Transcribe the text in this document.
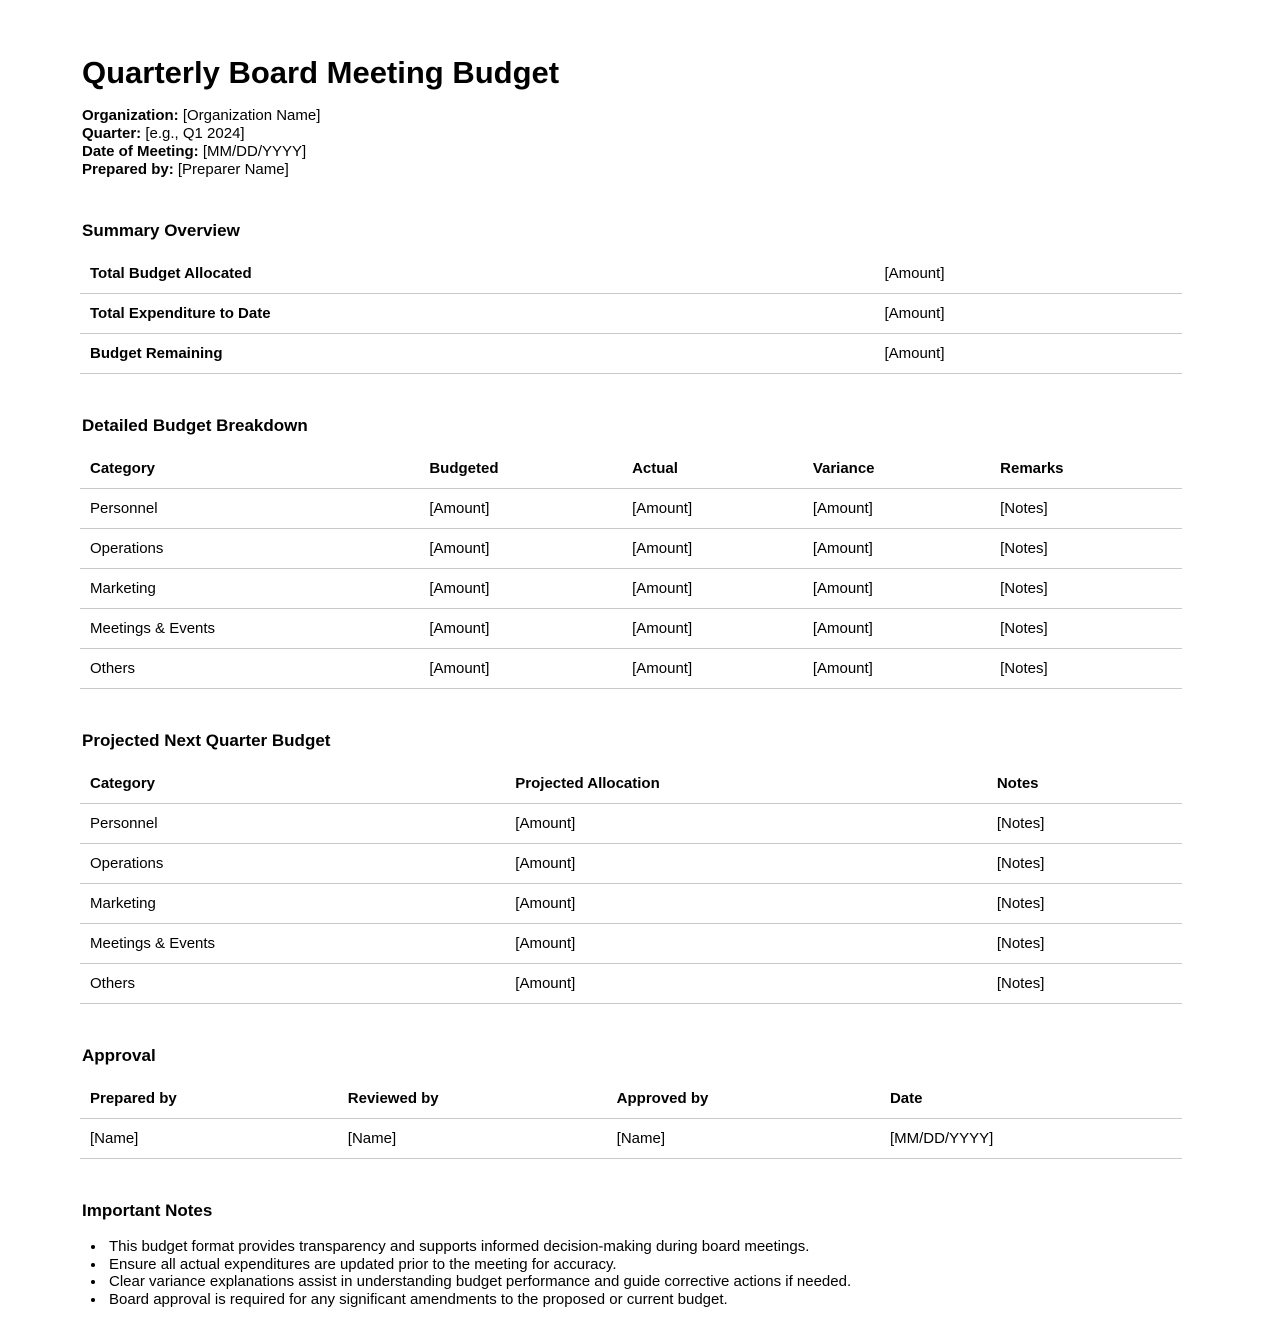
Quarterly Board Meeting Budget
Organization: [Organization Name]
Quarter: [e.g., Q1 2024]
Date of Meeting: [MM/DD/YYYY]
Prepared by: [Preparer Name]
Summary Overview
Total Budget Allocated	[Amount]
Total Expenditure to Date	[Amount]
Budget Remaining	[Amount]
Detailed Budget Breakdown
Category	Budgeted	Actual	Variance	Remarks
Personnel	[Amount]	[Amount]	[Amount]	[Notes]
Operations	[Amount]	[Amount]	[Amount]	[Notes]
Marketing	[Amount]	[Amount]	[Amount]	[Notes]
Meetings & Events	[Amount]	[Amount]	[Amount]	[Notes]
Others	[Amount]	[Amount]	[Amount]	[Notes]
Projected Next Quarter Budget
Category	Projected Allocation	Notes
Personnel	[Amount]	[Notes]
Operations	[Amount]	[Notes]
Marketing	[Amount]	[Notes]
Meetings & Events	[Amount]	[Notes]
Others	[Amount]	[Notes]
Approval
Prepared by	Reviewed by	Approved by	Date
[Name]	[Name]	[Name]	[MM/DD/YYYY]
Important Notes
• This budget format provides transparency and supports informed decision-making during board meetings.
• Ensure all actual expenditures are updated prior to the meeting for accuracy.
• Clear variance explanations assist in understanding budget performance and guide corrective actions if needed.
• Board approval is required for any significant amendments to the proposed or current budget.
